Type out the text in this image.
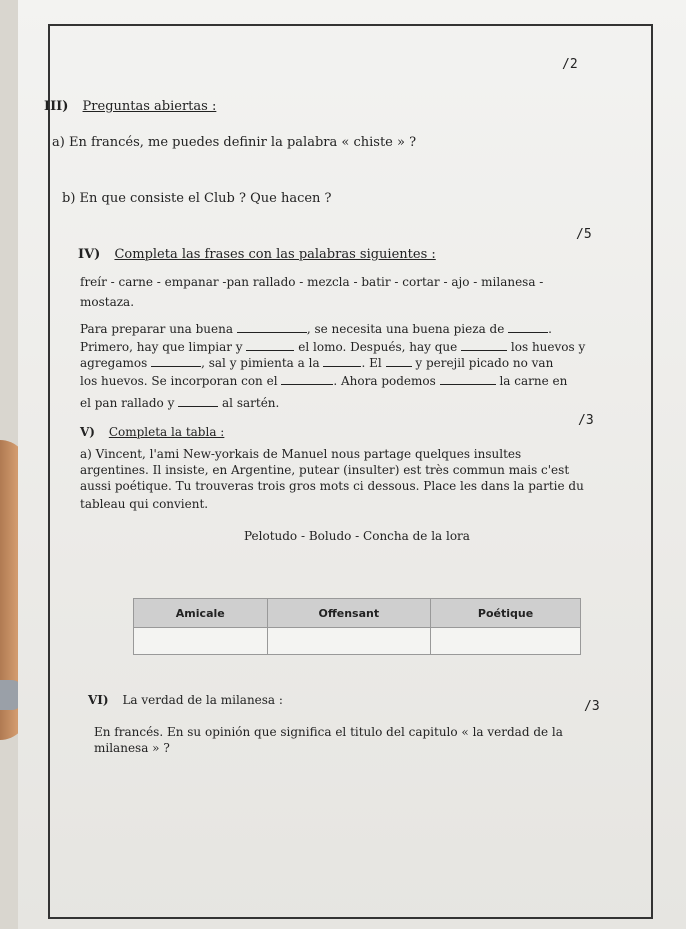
/2
III) Preguntas abiertas :
a) En francés, me puedes definir la palabra « chiste » ?
b) En que consiste el Club ? Que hacen ?
/5
IV) Completa las frases con las palabras siguientes :
freír - carne - empanar -pan rallado - mezcla - batir - cortar - ajo - milanesa -
mostaza.
Para preparar una buena	, se necesita una buena pieza de	.
Primero, hay que limpiar y	el lomo. Después, hay que	los huevos y
agregamos	, sal y pimienta a la	. El	y perejil picado no van
los huevos. Se incorporan con el	. Ahora podemos	la carne en
el pan rallado y	al sartén.
/3
V) Completa la tabla :
a) Vincent, l'ami New-yorkais de Manuel nous partage quelques insultes
argentines. Il insiste, en Argentine, putear (insulter) est très commun mais c'est
aussi poétique. Tu trouveras trois gros mots ci dessous. Place les dans la partie du
tableau qui convient.
Pelotudo - Boludo - Concha de la lora
Amicale	Offensant	Poétique

VI) La verdad de la milanesa :	/3
En francés. En su opinión que significa el titulo del capitulo « la verdad de la
milanesa » ?
